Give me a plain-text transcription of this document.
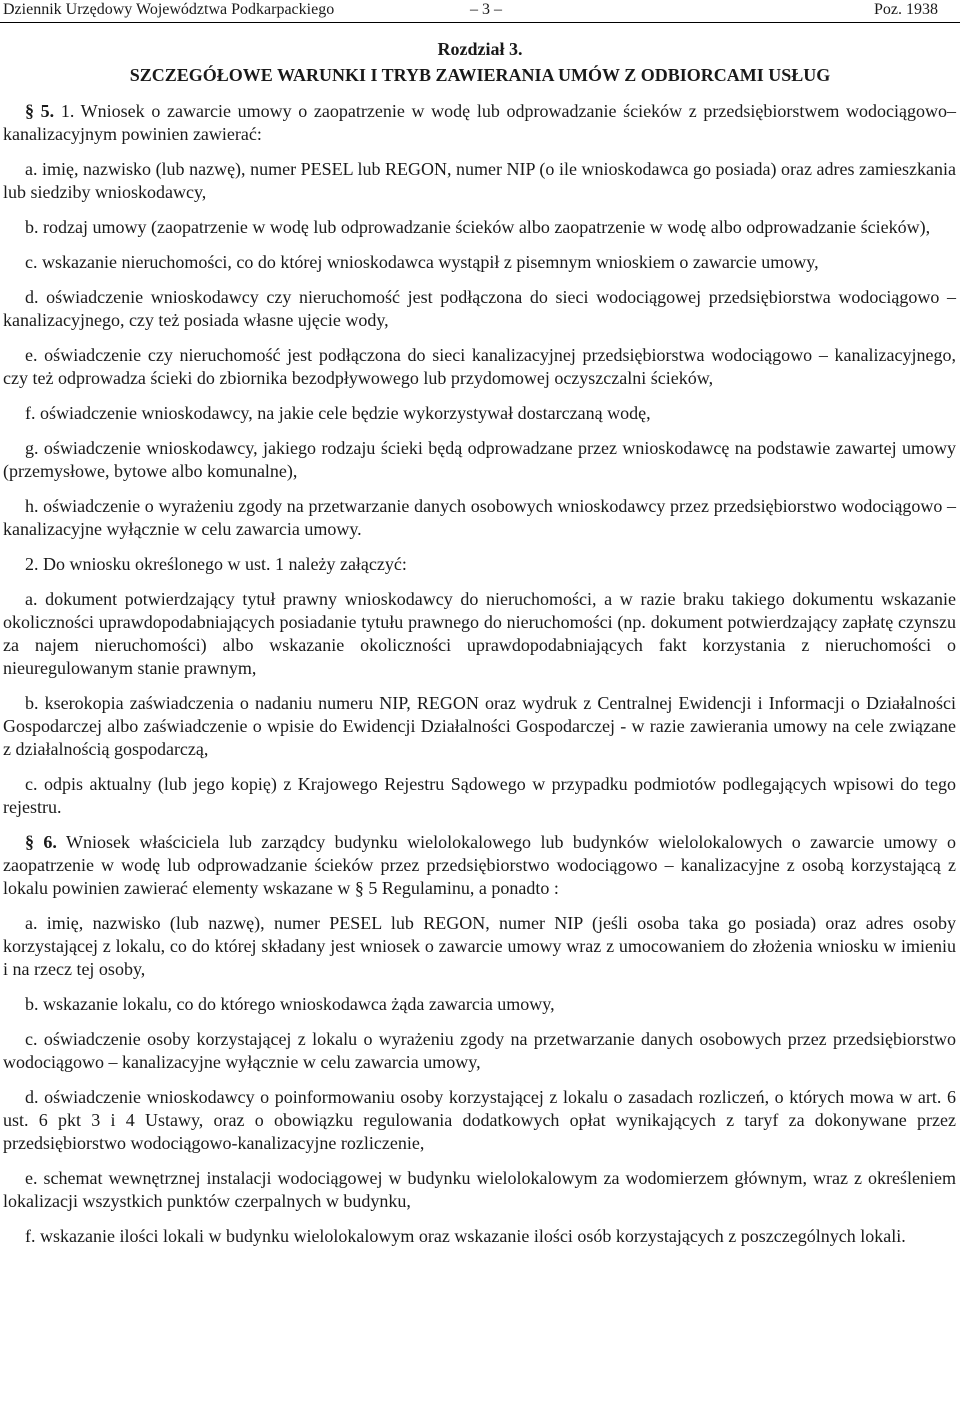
Dziennik Urzędowy Województwa Podkarpackiego	– 3 –	Poz. 1938
Rozdział 3.
SZCZEGÓŁOWE WARUNKI I TRYB ZAWIERANIA UMÓW Z ODBIORCAMI USŁUG

§ 5. 1. Wniosek o zawarcie umowy o zaopatrzenie w wodę lub odprowadzanie ścieków z przedsiębiorstwem wodociągowo– kanalizacyjnym powinien zawierać:

a. imię, nazwisko (lub nazwę), numer PESEL lub REGON, numer NIP (o ile wnioskodawca go posiada) oraz adres zamieszkania lub siedziby wnioskodawcy,

b. rodzaj umowy (zaopatrzenie w wodę lub odprowadzanie ścieków albo zaopatrzenie w wodę albo odprowadzanie ścieków),

c. wskazanie nieruchomości, co do której wnioskodawca wystąpił z pisemnym wnioskiem o zawarcie umowy,

d. oświadczenie wnioskodawcy czy nieruchomość jest podłączona do sieci wodociągowej przedsiębiorstwa wodociągowo – kanalizacyjnego, czy też posiada własne ujęcie wody,

e. oświadczenie czy nieruchomość jest podłączona do sieci kanalizacyjnej przedsiębiorstwa wodociągowo – kanalizacyjnego, czy też odprowadza ścieki do zbiornika bezodpływowego lub przydomowej oczyszczalni ścieków,

f. oświadczenie wnioskodawcy, na jakie cele będzie wykorzystywał dostarczaną wodę,

g. oświadczenie wnioskodawcy, jakiego rodzaju ścieki będą odprowadzane przez wnioskodawcę na podstawie zawartej umowy (przemysłowe, bytowe albo komunalne),

h. oświadczenie o wyrażeniu zgody na przetwarzanie danych osobowych wnioskodawcy przez przedsiębiorstwo wodociągowo – kanalizacyjne wyłącznie w celu zawarcia umowy.

2. Do wniosku określonego w ust. 1 należy załączyć:

a. dokument potwierdzający tytuł prawny wnioskodawcy do nieruchomości, a w razie braku takiego dokumentu wskazanie okoliczności uprawdopodabniających posiadanie tytułu prawnego do nieruchomości (np. dokument potwierdzający zapłatę czynszu za najem nieruchomości) albo wskazanie okoliczności uprawdopodabniających fakt korzystania z nieruchomości o nieuregulowanym stanie prawnym,

b. kserokopia zaświadczenia o nadaniu numeru NIP, REGON oraz wydruk z Centralnej Ewidencji i Informacji o Działalności Gospodarczej albo zaświadczenie o wpisie do Ewidencji Działalności Gospodarczej - w razie zawierania umowy na cele związane z działalnością gospodarczą,

c. odpis aktualny (lub jego kopię) z Krajowego Rejestru Sądowego w przypadku podmiotów podlegających wpisowi do tego rejestru.

§ 6. Wniosek właściciela lub zarządcy budynku wielolokalowego lub budynków wielolokalowych o zawarcie umowy o zaopatrzenie w wodę lub odprowadzanie ścieków przez przedsiębiorstwo wodociągowo – kanalizacyjne z osobą korzystającą z lokalu powinien zawierać elementy wskazane w § 5 Regulaminu, a ponadto :

a. imię, nazwisko (lub nazwę), numer PESEL lub REGON, numer NIP (jeśli osoba taka go posiada) oraz adres osoby korzystającej z lokalu, co do której składany jest wniosek o zawarcie umowy wraz z umocowaniem do złożenia wniosku w imieniu i na rzecz tej osoby,

b. wskazanie lokalu, co do którego wnioskodawca żąda zawarcia umowy,

c. oświadczenie osoby korzystającej z lokalu o wyrażeniu zgody na przetwarzanie danych osobowych przez przedsiębiorstwo wodociągowo – kanalizacyjne wyłącznie w celu zawarcia umowy,

d. oświadczenie wnioskodawcy o poinformowaniu osoby korzystającej z lokalu o zasadach rozliczeń, o których mowa w art. 6 ust. 6 pkt 3 i 4 Ustawy, oraz o obowiązku regulowania dodatkowych opłat wynikających z taryf za dokonywane przez przedsiębiorstwo wodociągowo-kanalizacyjne rozliczenie,

e. schemat wewnętrznej instalacji wodociągowej w budynku wielolokalowym za wodomierzem głównym, wraz z określeniem lokalizacji wszystkich punktów czerpalnych w budynku,

f. wskazanie ilości lokali w budynku wielolokalowym oraz wskazanie ilości osób korzystających z poszczególnych lokali.
